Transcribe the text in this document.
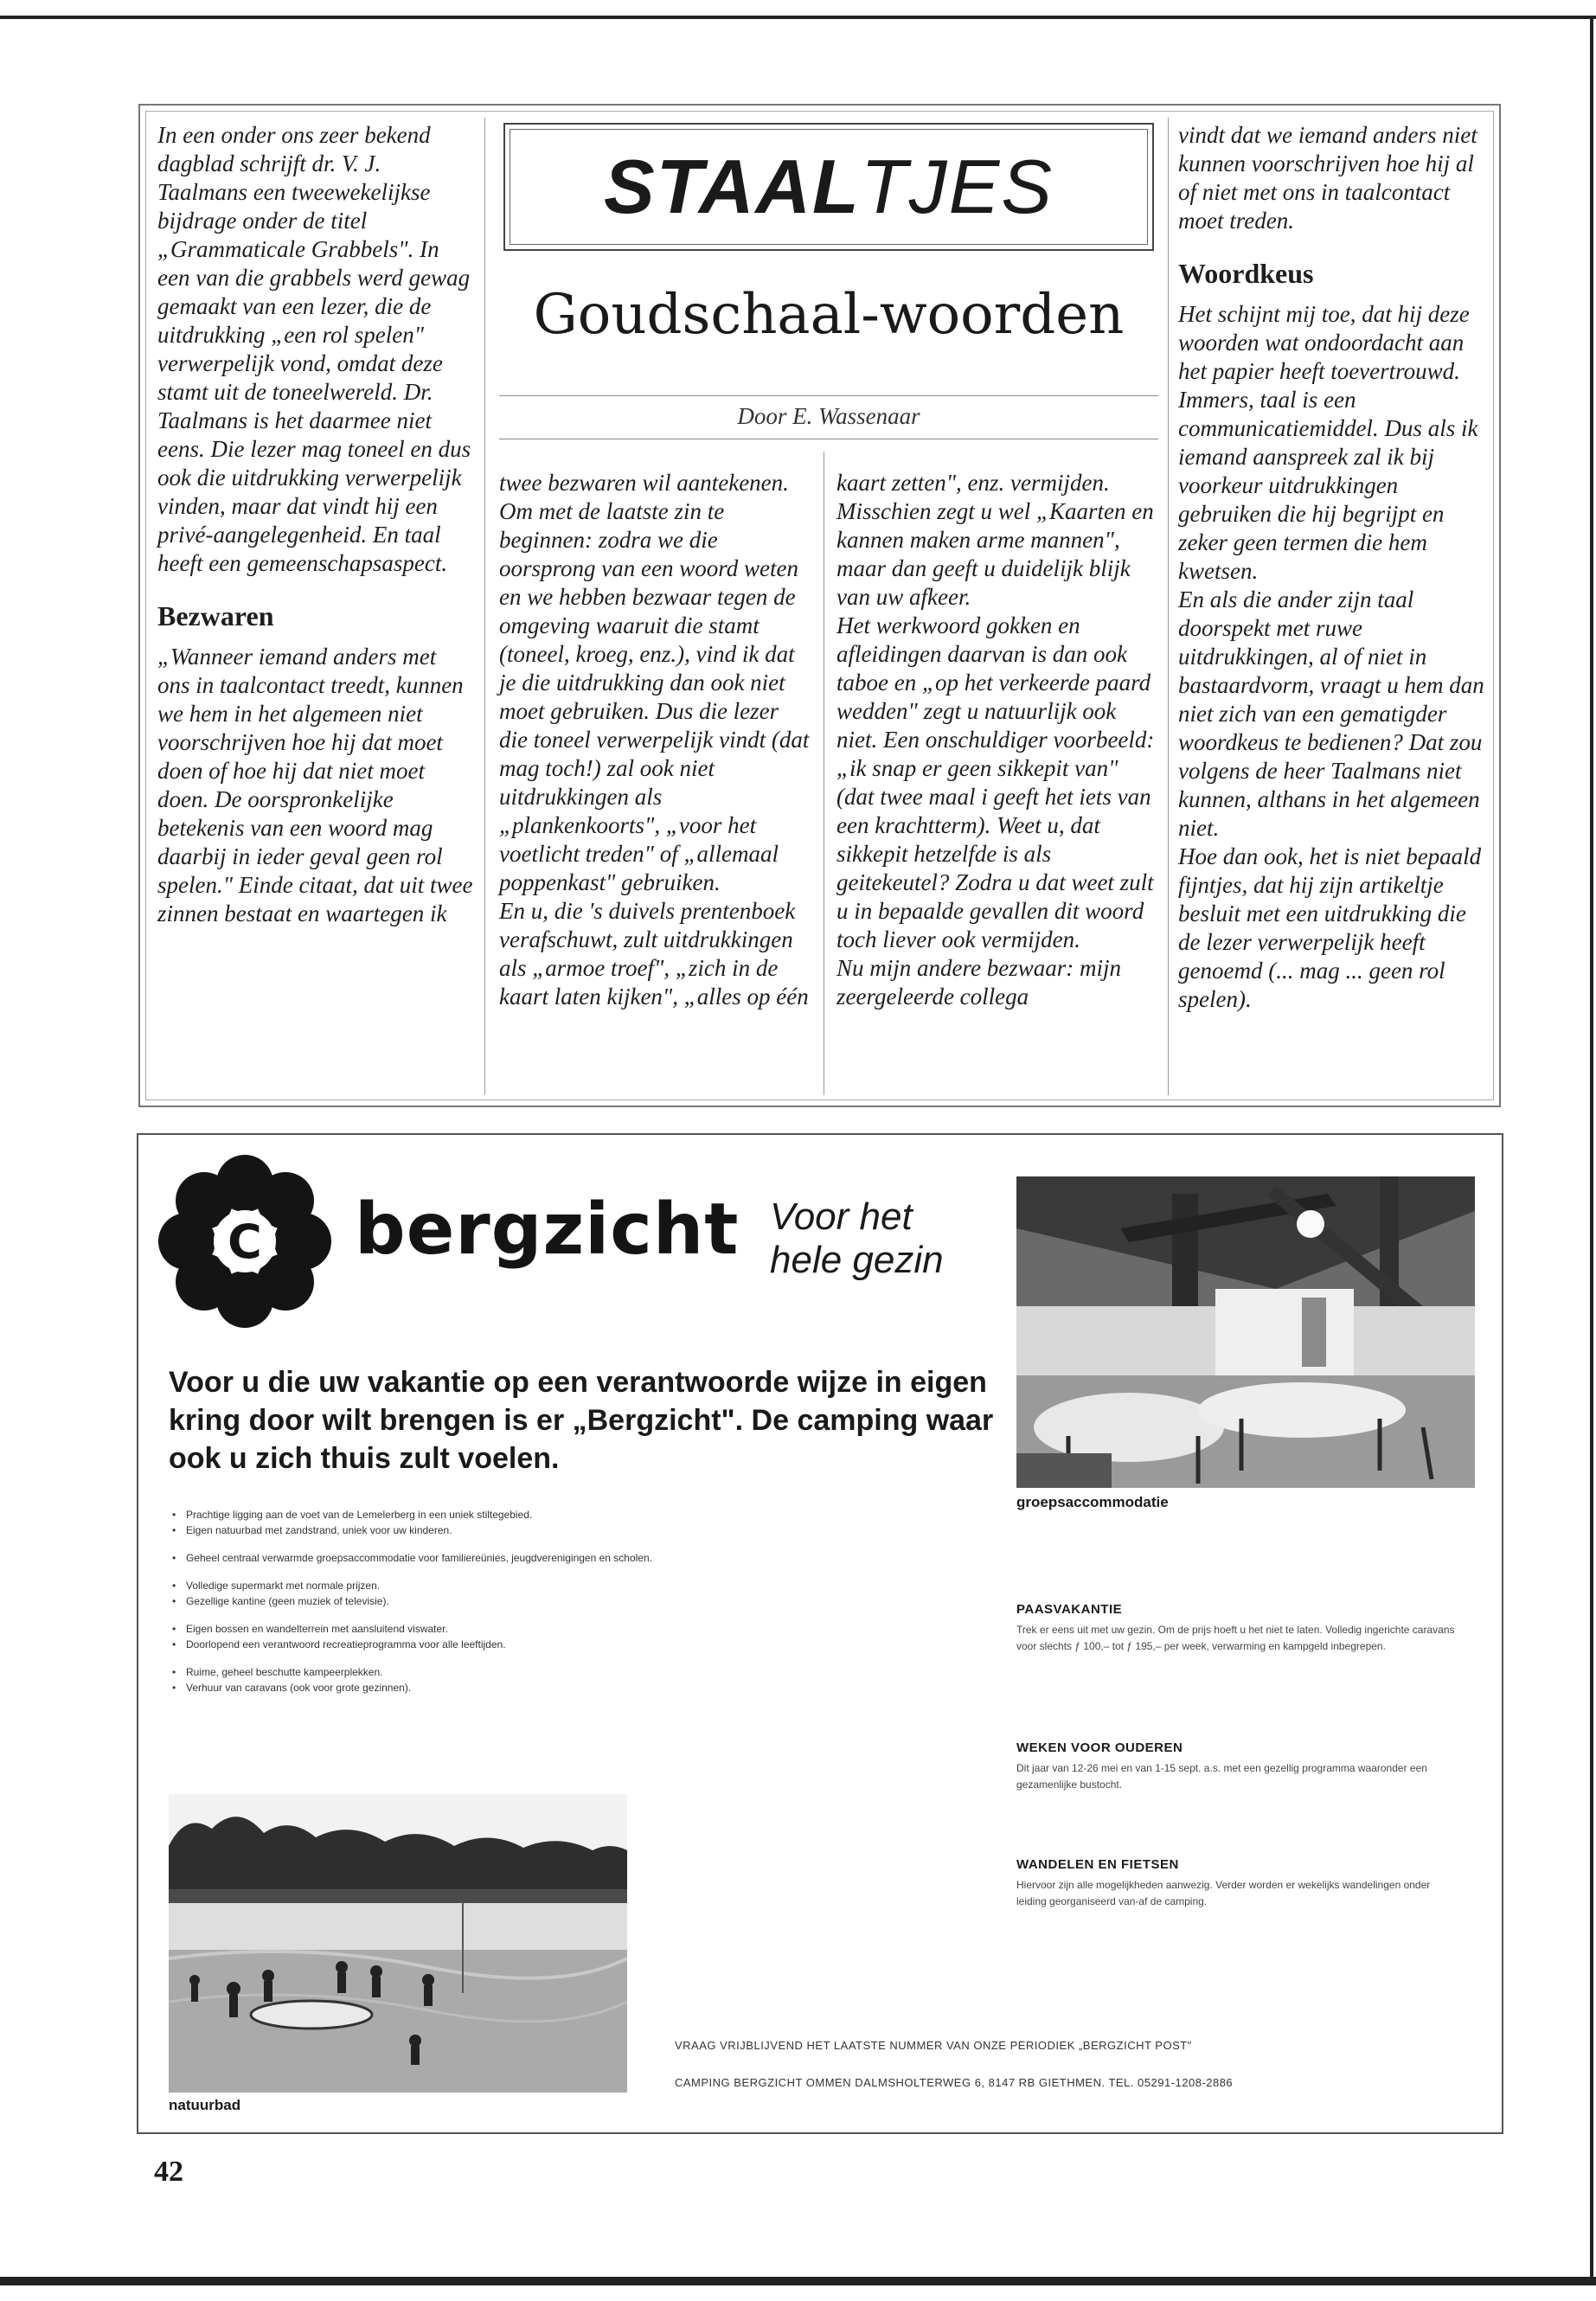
In een onder ons zeer bekend dagblad schrijft dr. V. J. Taalmans een tweewekelijkse bijdrage onder de titel „Grammaticale Grabbels". In een van die grabbels werd gewag gemaakt van een lezer, die de uitdrukking „een rol spelen" verwerpelijk vond, omdat deze stamt uit de toneelwereld. Dr. Taalmans is het daarmee niet eens. Die lezer mag toneel en dus ook die uitdrukking verwerpelijk vinden, maar dat vindt hij een privé-aangelegenheid. En taal heeft een gemeenschapsaspect.

Bezwaren

„Wanneer iemand anders met ons in taalcontact treedt, kunnen we hem in het algemeen niet voorschrijven hoe hij dat moet doen of hoe hij dat niet moet doen. De oorspronkelijke betekenis van een woord mag daarbij in ieder geval geen rol spelen." Einde citaat, dat uit twee zinnen bestaat en waartegen ik

STAALTJES
Goudschaal-woorden
Door E. Wassenaar

twee bezwaren wil aantekenen.

Om met de laatste zin te beginnen: zodra we die oorsprong van een woord weten en we hebben bezwaar tegen de omgeving waaruit die stamt (toneel, kroeg, enz.), vind ik dat je die uitdrukking dan ook niet moet gebruiken. Dus die lezer die toneel verwerpelijk vindt (dat mag toch!) zal ook niet uitdrukkingen als „plankenkoorts", „voor het voetlicht treden" of „allemaal poppenkast" gebruiken.

En u, die 's duivels prentenboek verafschuwt, zult uitdrukkingen als „armoe troef", „zich in de kaart laten kijken", „alles op één

kaart zetten", enz. vermijden. Misschien zegt u wel „Kaarten en kannen maken arme mannen", maar dan geeft u duidelijk blijk van uw afkeer.

Het werkwoord gokken en afleidingen daarvan is dan ook taboe en „op het verkeerde paard wedden" zegt u natuurlijk ook niet. Een onschuldiger voorbeeld: „ik snap er geen sikkepit van" (dat twee maal i geeft het iets van een krachtterm). Weet u, dat sikkepit hetzelfde is als geitekeutel? Zodra u dat weet zult u in bepaalde gevallen dit woord toch liever ook vermijden.

Nu mijn andere bezwaar: mijn zeergeleerde collega

vindt dat we iemand anders niet kunnen voorschrijven hoe hij al of niet met ons in taalcontact moet treden.

Woordkeus

Het schijnt mij toe, dat hij deze woorden wat ondoordacht aan het papier heeft toevertrouwd. Immers, taal is een communicatiemiddel. Dus als ik iemand aanspreek zal ik bij voorkeur uitdrukkingen gebruiken die hij begrijpt en zeker geen termen die hem kwetsen.

En als die ander zijn taal doorspekt met ruwe uitdrukkingen, al of niet in bastaardvorm, vraagt u hem dan niet zich van een gematigder woordkeus te bedienen? Dat zou volgens de heer Taalmans niet kunnen, althans in het algemeen niet.

Hoe dan ook, het is niet bepaald fijntjes, dat hij zijn artikeltje besluit met een uitdrukking die de lezer verwerpelijk heeft genoemd (... mag ... geen rol spelen).

C bergzicht Voor het
hele gezin
Voor u die uw vakantie op een verantwoorde wijze in eigen kring door wilt brengen is er „Bergzicht". De camping waar ook u zich thuis zult voelen.
• Prachtige ligging aan de voet van de Lemelerberg in een uniek stiltegebied.
• Eigen natuurbad met zandstrand, uniek voor uw kinderen.
• Geheel centraal verwarmde groepsaccommodatie voor familiereünies, jeugdverenigingen en scholen.
• Volledige supermarkt met normale prijzen.
• Gezellige kantine (geen muziek of televisie).
• Eigen bossen en wandelterrein met aansluitend viswater.
• Doorlopend een verantwoord recreatieprogramma voor alle leeftijden.
• Ruime, geheel beschutte kampeerplekken.
• Verhuur van caravans (ook voor grote gezinnen).
groepsaccommodatie
PAASVAKANTIE
Trek er eens uit met uw gezin. Om de prijs hoeft u het niet te laten. Volledig ingerichte caravans voor slechts ƒ 100,– tot ƒ 195,– per week, verwarming en kampgeld inbegrepen.
WEKEN VOOR OUDEREN
Dit jaar van 12-26 mei en van 1-15 sept. a.s. met een gezellig programma waaronder een gezamenlijke bustocht.
WANDELEN EN FIETSEN
Hiervoor zijn alle mogelijkheden aanwezig. Verder worden er wekelijks wandelingen onder leiding georganiseerd van-af de camping.
natuurbad
VRAAG VRIJBLIJVEND HET LAATSTE NUMMER VAN ONZE PERIODIEK „BERGZICHT POST"
CAMPING BERGZICHT OMMEN DALMSHOLTERWEG 6, 8147 RB GIETHMEN. TEL. 05291-1208-2886
42
